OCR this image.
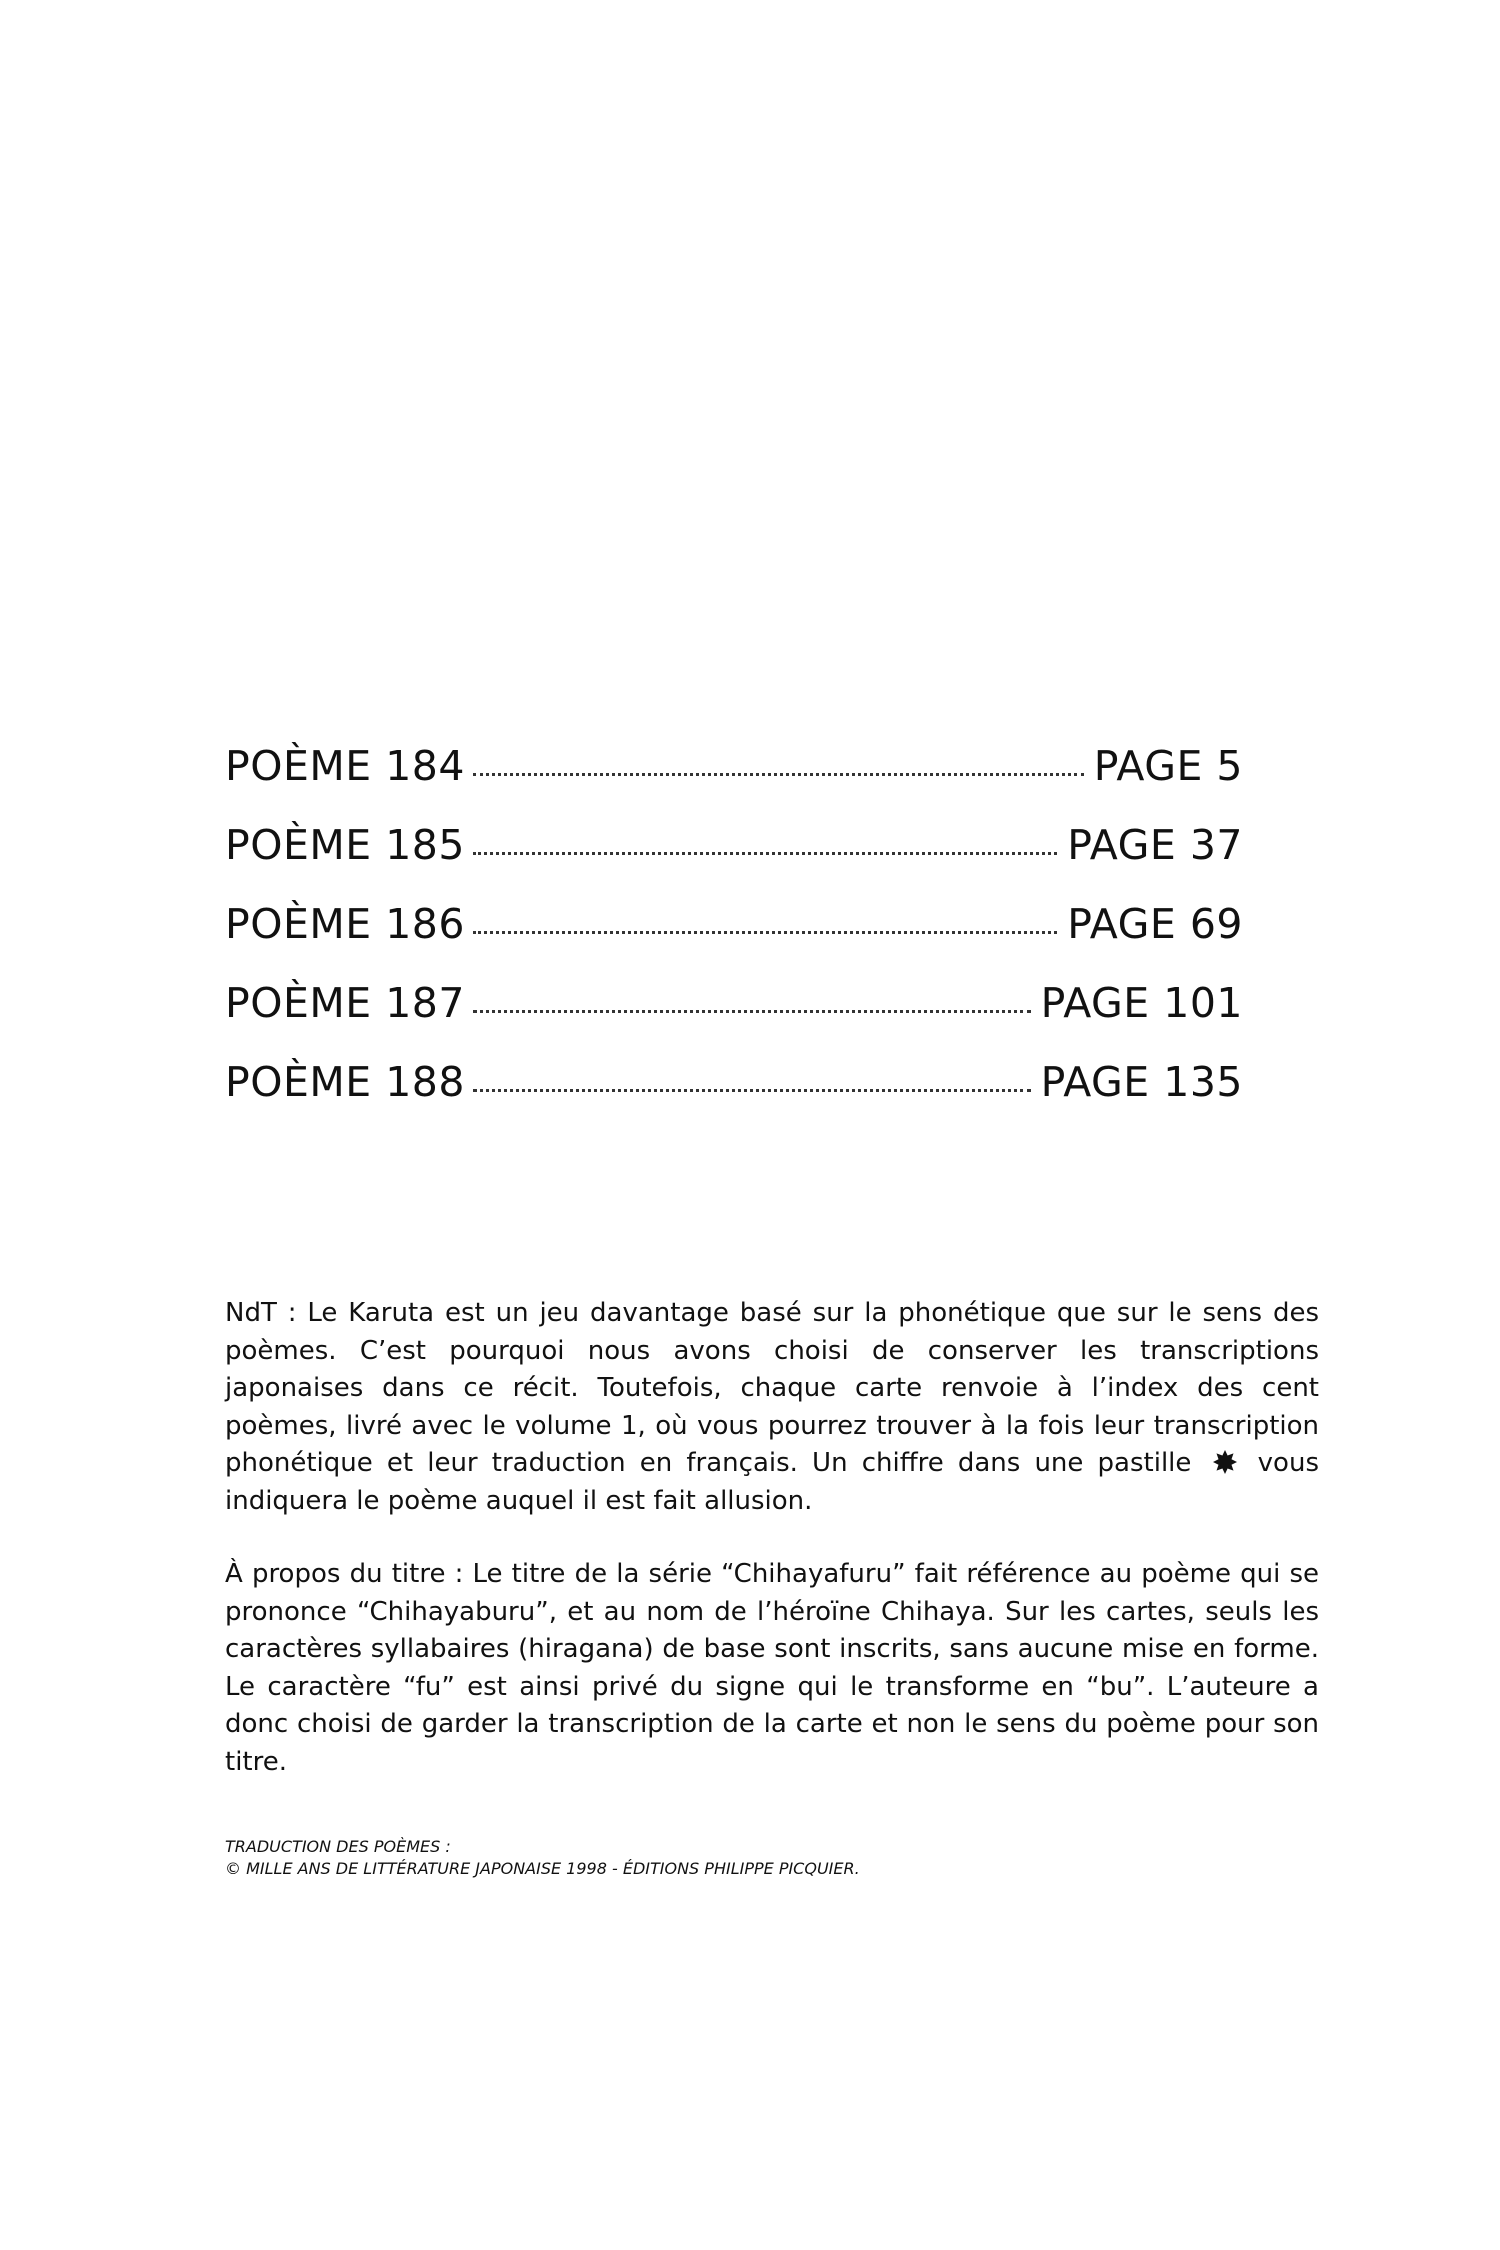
POÈME 184	PAGE 5
POÈME 185	PAGE 37
POÈME 186	PAGE 69
POÈME 187	PAGE 101
POÈME 188	PAGE 135

NdT : Le Karuta est un jeu davantage basé sur la phonétique que sur le sens des poèmes. C’est pourquoi nous avons choisi de conserver les transcriptions japonaises dans ce récit. Toutefois, chaque carte renvoie à l’index des cent poèmes, livré avec le volume 1, où vous pourrez trouver à la fois leur transcription phonétique et leur traduction en français. Un chiffre dans une pastille  vous indiquera le poème auquel il est fait allusion.

À propos du titre : Le titre de la série “Chihayafuru” fait référence au poème qui se prononce “Chihayaburu”, et au nom de l’héroïne Chihaya. Sur les cartes, seuls les caractères syllabaires (hiragana) de base sont inscrits, sans aucune mise en forme. Le caractère “fu” est ainsi privé du signe qui le transforme en “bu”. L’auteure a donc choisi de garder la transcription de la carte et non le sens du poème pour son titre.

TRADUCTION DES POÈMES :
© MILLE ANS DE LITTÉRATURE JAPONAISE 1998 - ÉDITIONS PHILIPPE PICQUIER.
